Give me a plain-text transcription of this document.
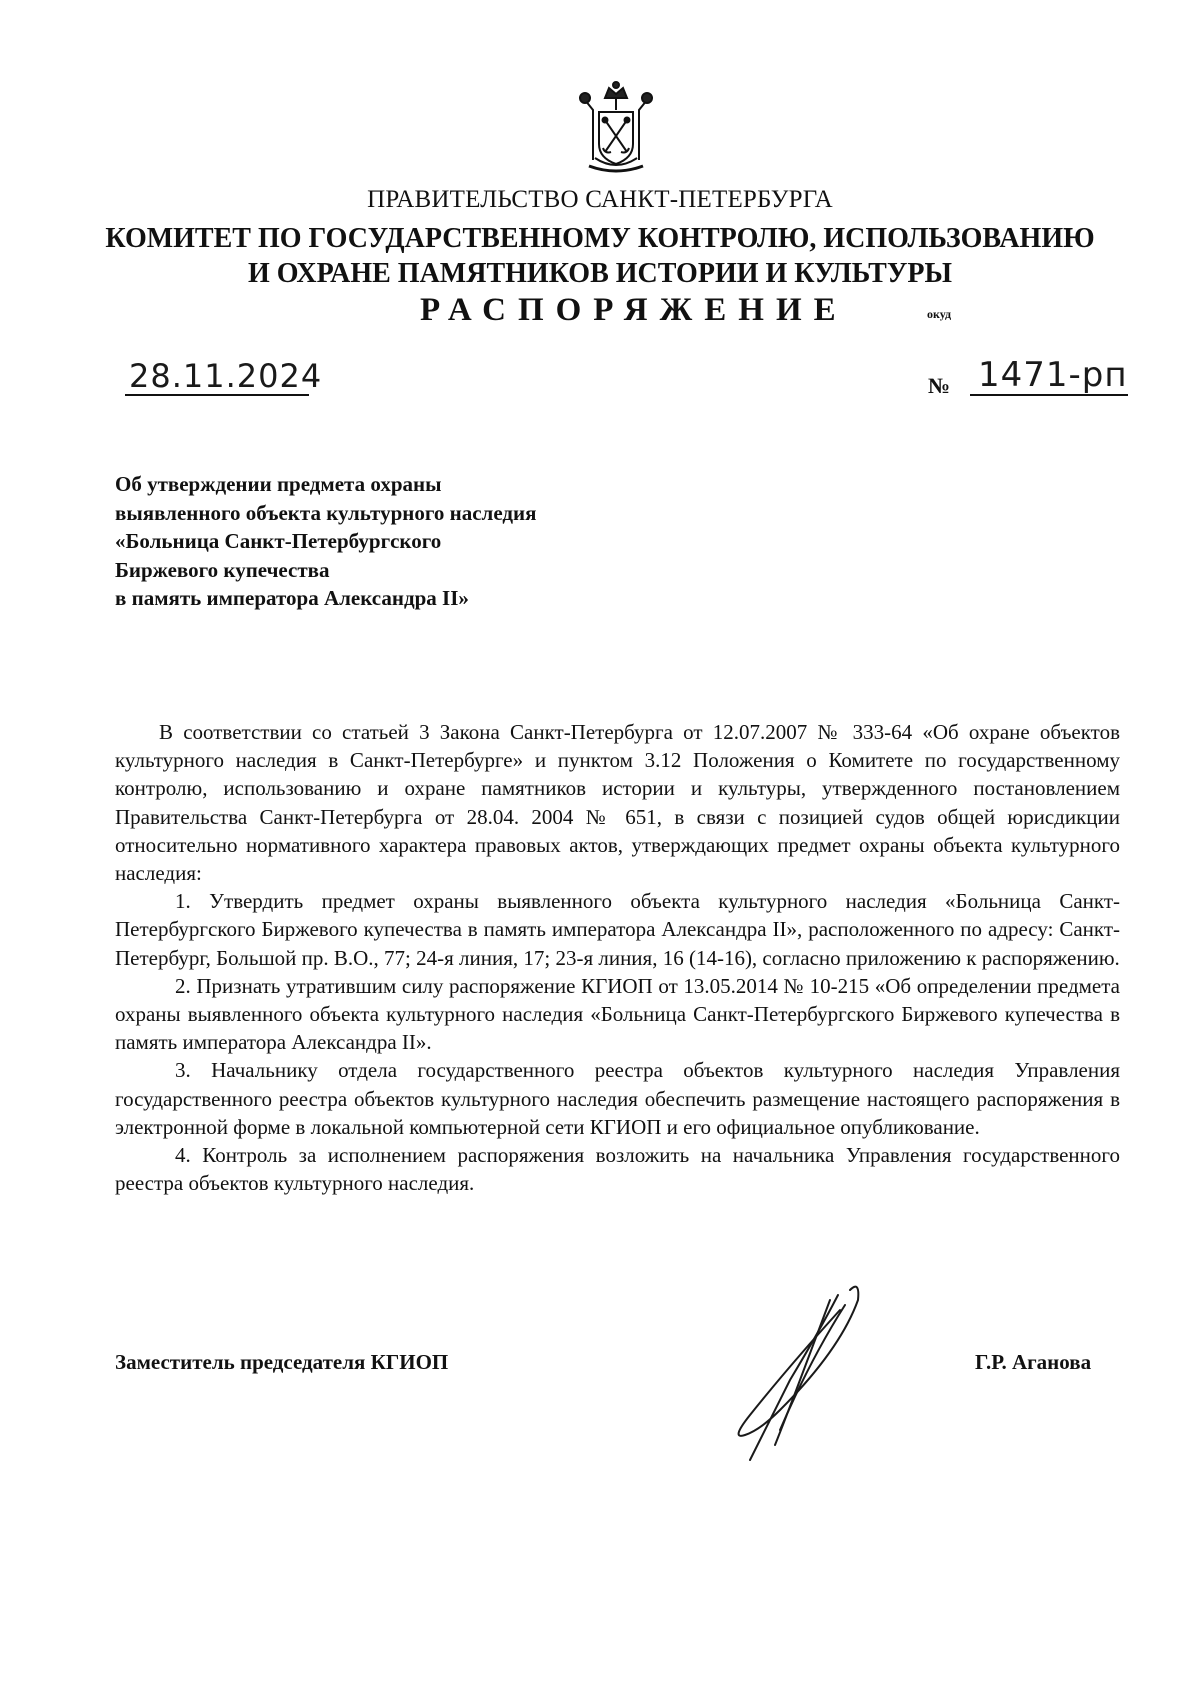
ПРАВИТЕЛЬСТВО САНКТ-ПЕТЕРБУРГА
КОМИТЕТ ПО ГОСУДАРСТВЕННОМУ КОНТРОЛЮ, ИСПОЛЬЗОВАНИЮ
И ОХРАНЕ ПАМЯТНИКОВ ИСТОРИИ И КУЛЬТУРЫ
РАСПОРЯЖЕНИЕ	окуд
28.11.2024	№ 1471-рп
Об утверждении предмета охраны
выявленного объекта культурного наследия
«Больница Санкт-Петербургского
Биржевого купечества
в память императора Александра II»

В соответствии со статьей 3 Закона Санкт-Петербурга от 12.07.2007 № 333-64 «Об охране объектов культурного наследия в Санкт-Петербурге» и пунктом 3.12 Положения о Комитете по государственному контролю, использованию и охране памятников истории и культуры, утвержденного постановлением Правительства Санкт-Петербурга от 28.04. 2004 № 651, в связи с позицией судов общей юрисдикции относительно нормативного характера правовых актов, утверждающих предмет охраны объекта культурного наследия:

1. Утвердить предмет охраны выявленного объекта культурного наследия «Больница Санкт-Петербургского Биржевого купечества в память императора Александра II», расположенного по адресу: Санкт-Петербург, Большой пр. В.О., 77; 24-я линия, 17; 23-я линия, 16 (14-16), согласно приложению к распоряжению.

2. Признать утратившим силу распоряжение КГИОП от 13.05.2014 № 10-215 «Об определении предмета охраны выявленного объекта культурного наследия «Больница Санкт-Петербургского Биржевого купечества в память императора Александра II».

3. Начальнику отдела государственного реестра объектов культурного наследия Управления государственного реестра объектов культурного наследия обеспечить размещение настоящего распоряжения в электронной форме в локальной компьютерной сети КГИОП и его официальное опубликование.

4. Контроль за исполнением распоряжения возложить на начальника Управления государственного реестра объектов культурного наследия.

Заместитель председателя КГИОП	Г.Р. Аганова
